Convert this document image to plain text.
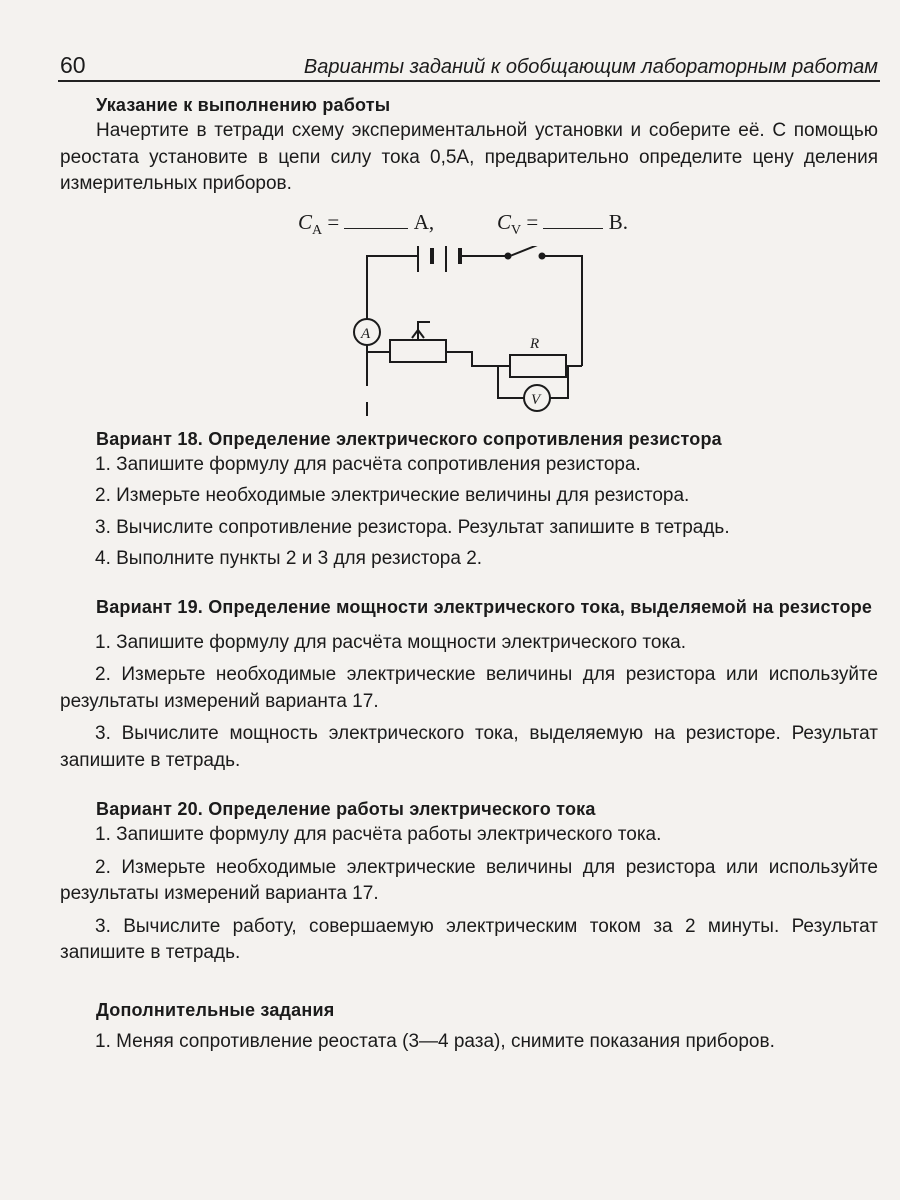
60	Варианты заданий к обобщающим лабораторным работам
Указание к выполнению работы

Начертите в тетради схему экспериментальной установки и соберите её. С помощью реостата установите в цепи силу тока 0,5А, предварительно определите цену деления измерительных приборов.

$C_A$ =	А,	$C_V$ =	В.
A
V
R
Вариант 18. Определение электрического сопротивления резистора
1. Запишите формулу для расчёта сопротивления резистора.
2. Измерьте необходимые электрические величины для резистора.
3. Вычислите сопротивление резистора. Результат запишите в тетрадь.
4. Выполните пункты 2 и 3 для резистора 2.
Вариант 19. Определение мощности электрического тока, выделяемой на резисторе
1. Запишите формулу для расчёта мощности электрического тока.
2. Измерьте необходимые электрические величины для резистора или используйте результаты измерений варианта 17.
3. Вычислите мощность электрического тока, выделяемую на резисторе. Результат запишите в тетрадь.
Вариант 20. Определение работы электрического тока
1. Запишите формулу для расчёта работы электрического тока.
2. Измерьте необходимые электрические величины для резистора или используйте результаты измерений варианта 17.
3. Вычислите работу, совершаемую электрическим током за 2 минуты. Результат запишите в тетрадь.
Дополнительные задания
1. Меняя сопротивление реостата (3—4 раза), снимите показания приборов.
